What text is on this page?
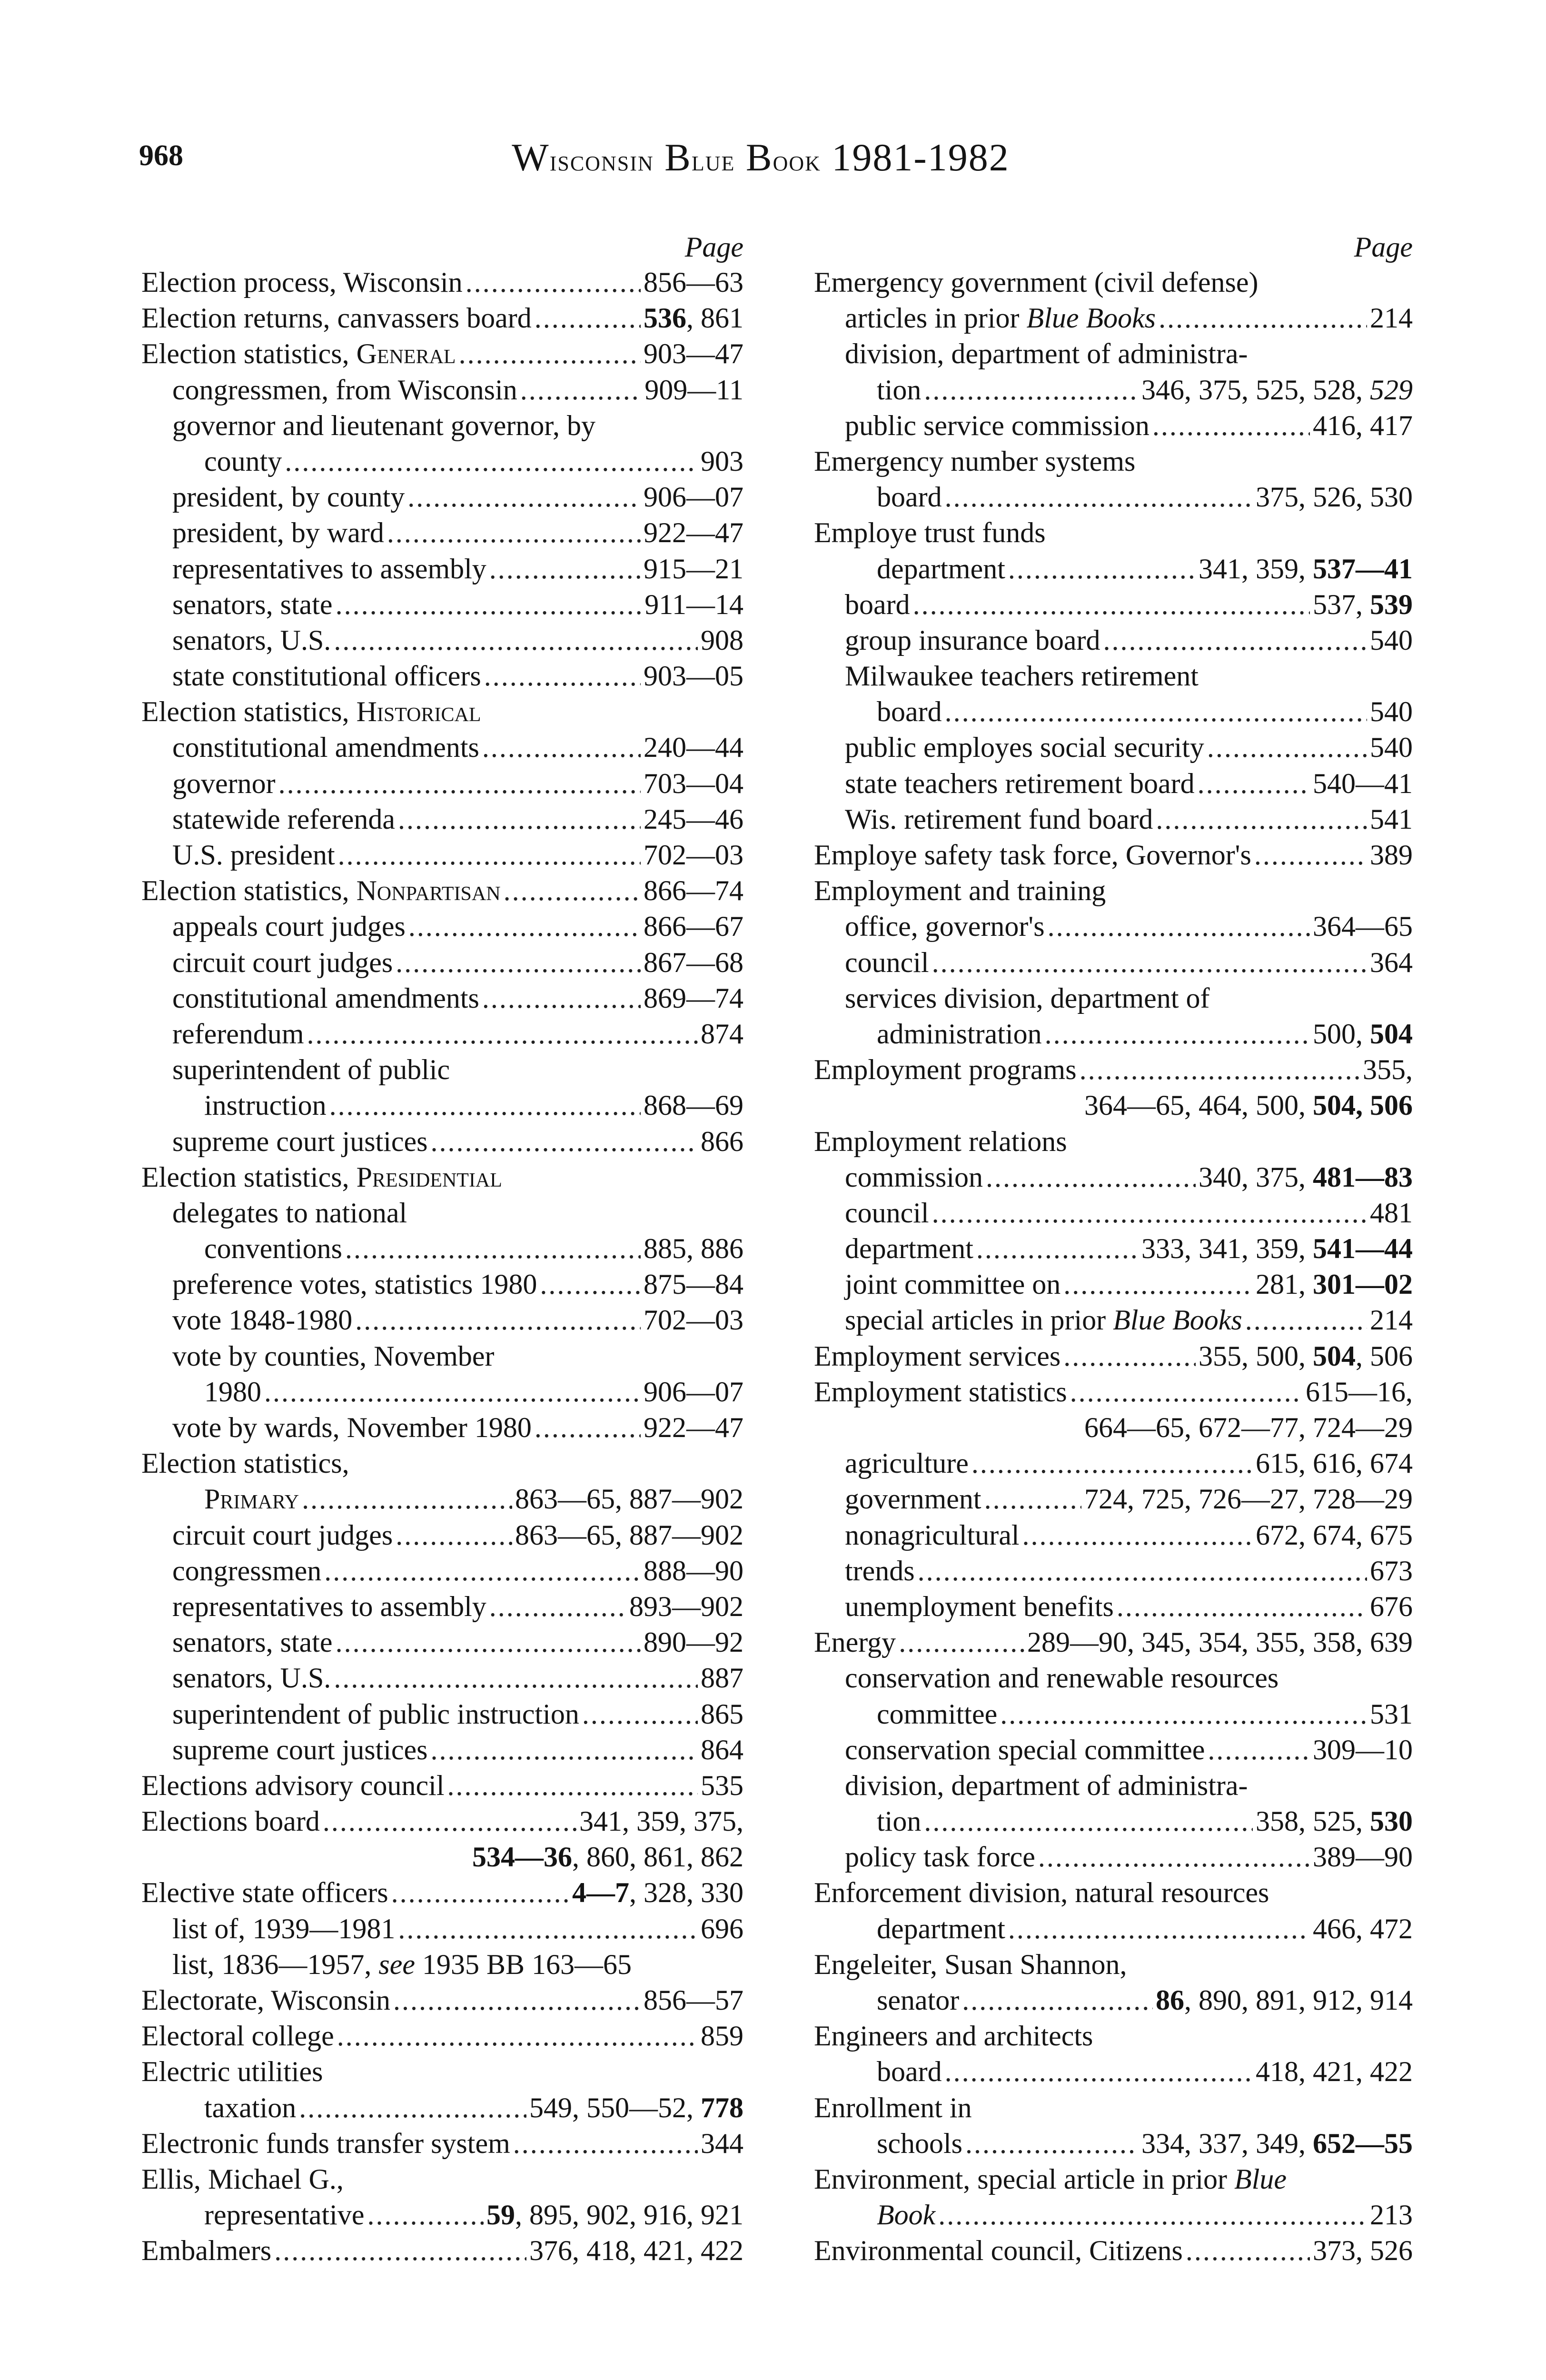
968	Wisconsin Blue Book 1981-1982
Page
Election process, Wisconsin . . .	856—63
Election returns, canvassers board . . .	536, 861
Election statistics, General . . .	903—47
congressmen, from Wisconsin . . .	909—11
governor and lieutenant governor, by
county . . .	903
president, by county . . .	906—07
president, by ward . . .	922—47
representatives to assembly . . .	915—21
senators, state . . .	911—14
senators, U.S. . . .	908
state constitutional officers . . .	903—05
Election statistics, Historical
constitutional amendments . . .	240—44
governor . . .	703—04
statewide referenda . . .	245—46
U.S. president . . .	702—03
Election statistics, Nonpartisan . . .	866—74
appeals court judges . . .	866—67
circuit court judges . . .	867—68
constitutional amendments . . .	869—74
referendum . . .	874
superintendent of public
instruction . . .	868—69
supreme court justices . . .	866
Election statistics, Presidential
delegates to national
conventions . . .	885, 886
preference votes, statistics 1980 . . .	875—84
vote 1848-1980 . . .	702—03
vote by counties, November
1980 . . .	906—07
vote by wards, November 1980 . . .	922—47
Election statistics,
Primary . . .	863—65, 887—902
circuit court judges . . .	863—65, 887—902
congressmen . . .	888—90
representatives to assembly . . .	893—902
senators, state . . .	890—92
senators, U.S. . . .	887
superintendent of public instruction . . .	865
supreme court justices . . .	864
Elections advisory council . . .	535
Elections board . . .	341, 359, 375,
534—36, 860, 861, 862
Elective state officers . . .	4—7, 328, 330
list of, 1939—1981 . . .	696
list, 1836—1957, see 1935 BB 163—65
Electorate, Wisconsin . . .	856—57
Electoral college . . .	859
Electric utilities
taxation . . .	549, 550—52, 778
Electronic funds transfer system . . .	344
Ellis, Michael G.,
representative . . .	59, 895, 902, 916, 921
Embalmers . . .	376, 418, 421, 422
Page
Emergency government (civil defense)
articles in prior Blue Books . . .	214
division, department of administra-
tion . . .	346, 375, 525, 528, 529
public service commission . . .	416, 417
Emergency number systems
board . . .	375, 526, 530
Employe trust funds
department . . .	341, 359, 537—41
board . . .	537, 539
group insurance board . . .	540
Milwaukee teachers retirement
board . . .	540
public employes social security . . .	540
state teachers retirement board . . .	540—41
Wis. retirement fund board . . .	541
Employe safety task force, Governor's . . .	389
Employment and training
office, governor's . . .	364—65
council . . .	364
services division, department of
administration . . .	500, 504
Employment programs . . .	355,
364—65, 464, 500, 504, 506
Employment relations
commission . . .	340, 375, 481—83
council . . .	481
department . . .	333, 341, 359, 541—44
joint committee on . . .	281, 301—02
special articles in prior Blue Books . . .	214
Employment services . . .	355, 500, 504, 506
Employment statistics . . .	615—16,
664—65, 672—77, 724—29
agriculture . . .	615, 616, 674
government . . .	724, 725, 726—27, 728—29
nonagricultural . . .	672, 674, 675
trends . . .	673
unemployment benefits . . .	676
Energy . . .	289—90, 345, 354, 355, 358, 639
conservation and renewable resources
committee . . .	531
conservation special committee . . .	309—10
division, department of administra-
tion . . .	358, 525, 530
policy task force . . .	389—90
Enforcement division, natural resources
department . . .	466, 472
Engeleiter, Susan Shannon,
senator . . .	86, 890, 891, 912, 914
Engineers and architects
board . . .	418, 421, 422
Enrollment in
schools . . .	334, 337, 349, 652—55
Environment, special article in prior Blue
Book . . .	213
Environmental council, Citizens . . .	373, 526
